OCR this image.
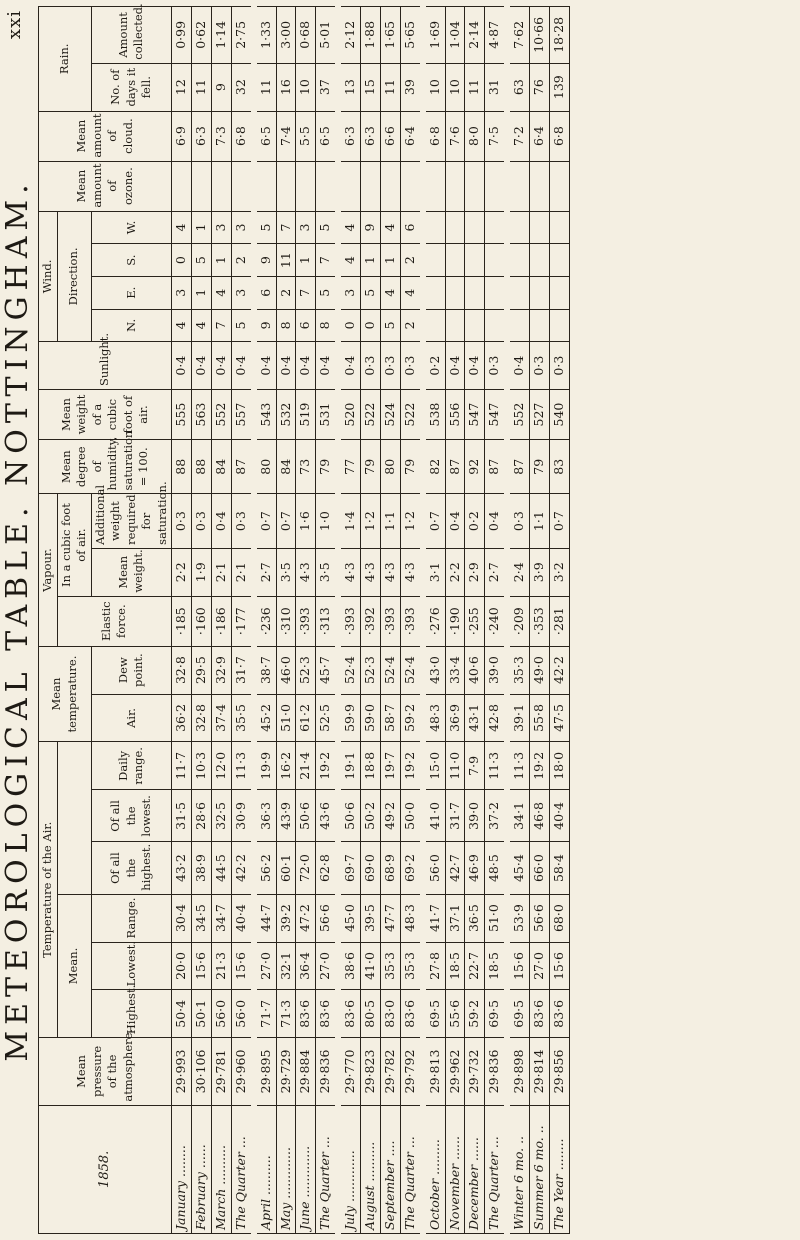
METEOROLOGICAL TABLE. NOTTINGHAM.
xxi
1858.	Mean pressure of the atmosphere.	Temperature of the Air.						Mean temperature.		Vapour.			Mean degree of humidity, saturation = 100.	Mean weight of a cubic foot of air.	Sunlight.	Wind.				Mean amount of ozone.	Mean amount of cloud.	Rain.	
		Mean.								Elastic force.	In a cubic foot of air.					Direction.							
		Highest.	Lowest.	Range.	Of all the highest.	Of all the lowest.	Daily range.	Air.	Dew point.		Mean weight.	Additional weight required for saturation.				N.	E.	S.	W.			No. of days it fell.	Amount collected.
January ........	29·993	50·4	20·0	30·4	43·2	31·5	11·7	36·2	32·8	·185	2·2	0·3	88	555	0·4	4	3	0	4		6·9	12	0·99
February ......	30·106	50·1	15·6	34·5	38·9	28·6	10·3	32·8	29·5	·160	1·9	0·3	88	563	0·4	4	1	5	1		6·3	11	0·62
March ..........	29·781	56·0	21·3	34·7	44·5	32·5	12·0	37·4	32·9	·186	2·1	0·4	84	552	0·4	7	4	1	3		7·3	9	1·14
The Quarter ...	29·960	56·0	15·6	40·4	42·2	30·9	11·3	35·5	31·7	·177	2·1	0·3	87	557	0·4	5	3	2	3		6·8	32	2·75
April ..........	29·895	71·7	27·0	44·7	56·2	36·3	19·9	45·2	38·7	·236	2·7	0·7	80	543	0·4	9	6	9	5		6·5	11	1·33
May .............	29·729	71·3	32·1	39·2	60·1	43·9	16·2	51·0	46·0	·310	3·5	0·7	84	532	0·4	8	2	11	7		7·4	16	3·00
June .............	29·884	83·6	36·4	47·2	72·0	50·6	21·4	61·2	52·3	·393	4·3	1·6	73	519	0·4	6	7	1	3		5·5	10	0·68
The Quarter ...	29·836	83·6	27·0	56·6	62·8	43·6	19·2	52·5	45·7	·313	3·5	1·0	79	531	0·4	8	5	7	5		6·5	37	5·01
July .............	29·770	83·6	38·6	45·0	69·7	50·6	19·1	59·9	52·4	·393	4·3	1·4	77	520	0·4	0	3	4	4		6·3	13	2·12
August ..........	29·823	80·5	41·0	39·5	69·0	50·2	18·8	59·0	52·3	·392	4·3	1·2	79	522	0·3	0	5	1	9		6·3	15	1·88
September ....	29·782	83·0	35·3	47·7	68·9	49·2	19·7	58·7	52·4	·393	4·3	1·1	80	524	0·3	5	4	1	4		6·6	11	1·65
The Quarter ...	29·792	83·6	35·3	48·3	69·2	50·0	19·2	59·2	52·4	·393	4·3	1·2	79	522	0·3	2	4	2	6		6·4	39	5·65
October .........	29·813	69·5	27·8	41·7	56·0	41·0	15·0	48·3	43·0	·276	3·1	0·7	82	538	0·2						6·8	10	1·69
November ......	29·962	55·6	18·5	37·1	42·7	31·7	11·0	36·9	33·4	·190	2·2	0·4	87	556	0·4						7·6	10	1·04
December ......	29·732	59·2	22·7	36·5	46·9	39·0	7·9	43·1	40·6	·255	2·9	0·2	92	547	0·4						8·0	11	2·14
The Quarter ...	29·836	69·5	18·5	51·0	48·5	37·2	11·3	42·8	39·0	·240	2·7	0·4	87	547	0·3						7·5	31	4·87
Winter 6 mo. ..	29·898	69·5	15·6	53·9	45·4	34·1	11·3	39·1	35·3	·209	2·4	0·3	87	552	0·4						7·2	63	7·62
Summer 6 mo. ..	29·814	83·6	27·0	56·6	66·0	46·8	19·2	55·8	49·0	·353	3·9	1·1	79	527	0·3						6·4	76	10·66
The Year ........	29·856	83·6	15·6	68·0	58·4	40·4	18·0	47·5	42·2	·281	3·2	0·7	83	540	0·3						6·8	139	18·28
